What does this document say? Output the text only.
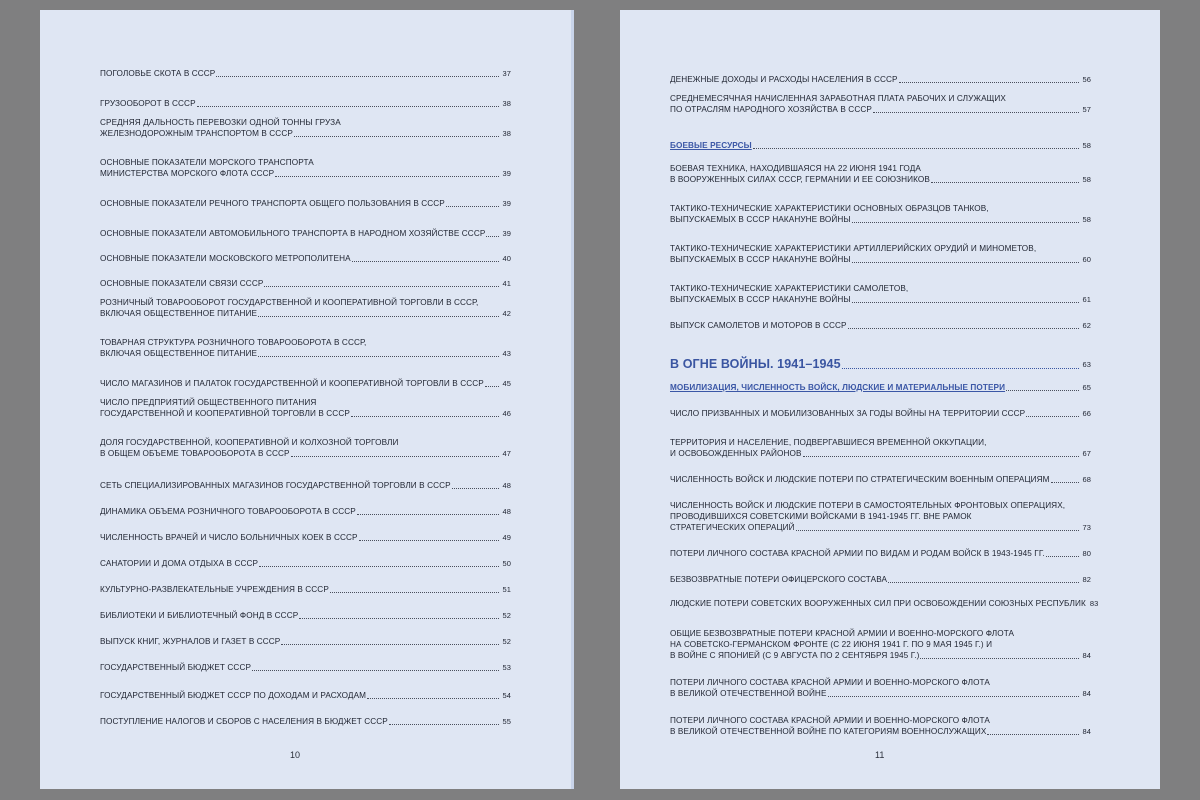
ПОГОЛОВЬЕ СКОТА В СССР	37
ГРУЗООБОРОТ В СССР	38
СРЕДНЯЯ ДАЛЬНОСТЬ ПЕРЕВОЗКИ ОДНОЙ ТОННЫ ГРУЗА
ЖЕЛЕЗНОДОРОЖНЫМ ТРАНСПОРТОМ В СССР	38
ОСНОВНЫЕ ПОКАЗАТЕЛИ МОРСКОГО ТРАНСПОРТА
МИНИСТЕРСТВА МОРСКОГО ФЛОТА СССР	39
ОСНОВНЫЕ ПОКАЗАТЕЛИ РЕЧНОГО ТРАНСПОРТА ОБЩЕГО ПОЛЬЗОВАНИЯ В СССР	39
ОСНОВНЫЕ ПОКАЗАТЕЛИ АВТОМОБИЛЬНОГО ТРАНСПОРТА В НАРОДНОМ ХОЗЯЙСТВЕ СССР 39
ОСНОВНЫЕ ПОКАЗАТЕЛИ МОСКОВСКОГО МЕТРОПОЛИТЕНА	40
ОСНОВНЫЕ ПОКАЗАТЕЛИ СВЯЗИ СССР	41
РОЗНИЧНЫЙ ТОВАРООБОРОТ ГОСУДАРСТВЕННОЙ И КООПЕРАТИВНОЙ ТОРГОВЛИ В СССР,
ВКЛЮЧАЯ ОБЩЕСТВЕННОЕ ПИТАНИЕ	42
ТОВАРНАЯ СТРУКТУРА РОЗНИЧНОГО ТОВАРООБОРОТА В СССР,
ВКЛЮЧАЯ ОБЩЕСТВЕННОЕ ПИТАНИЕ	43
ЧИСЛО МАГАЗИНОВ И ПАЛАТОК ГОСУДАРСТВЕННОЙ И КООПЕРАТИВНОЙ ТОРГОВЛИ В СССР 45
ЧИСЛО ПРЕДПРИЯТИЙ ОБЩЕСТВЕННОГО ПИТАНИЯ
ГОСУДАРСТВЕННОЙ И КООПЕРАТИВНОЙ ТОРГОВЛИ В СССР	46
ДОЛЯ ГОСУДАРСТВЕННОЙ, КООПЕРАТИВНОЙ И КОЛХОЗНОЙ ТОРГОВЛИ
В ОБЩЕМ ОБЪЕМЕ ТОВАРООБОРОТА В СССР	47
СЕТЬ СПЕЦИАЛИЗИРОВАННЫХ МАГАЗИНОВ ГОСУДАРСТВЕННОЙ ТОРГОВЛИ В СССР	48
ДИНАМИКА ОБЪЕМА РОЗНИЧНОГО ТОВАРООБОРОТА В СССР	48
ЧИСЛЕННОСТЬ ВРАЧЕЙ И ЧИСЛО БОЛЬНИЧНЫХ КОЕК В СССР	49
САНАТОРИИ И ДОМА ОТДЫХА В СССР	50
КУЛЬТУРНО-РАЗВЛЕКАТЕЛЬНЫЕ УЧРЕЖДЕНИЯ В СССР	51
БИБЛИОТЕКИ И БИБЛИОТЕЧНЫЙ ФОНД В СССР	52
ВЫПУСК КНИГ, ЖУРНАЛОВ И ГАЗЕТ В СССР	52
ГОСУДАРСТВЕННЫЙ БЮДЖЕТ СССР	53
ГОСУДАРСТВЕННЫЙ БЮДЖЕТ СССР ПО ДОХОДАМ И РАСХОДАМ	54
ПОСТУПЛЕНИЕ НАЛОГОВ И СБОРОВ С НАСЕЛЕНИЯ В БЮДЖЕТ СССР	55
10
ДЕНЕЖНЫЕ ДОХОДЫ И РАСХОДЫ НАСЕЛЕНИЯ В СССР	56
СРЕДНЕМЕСЯЧНАЯ НАЧИСЛЕННАЯ ЗАРАБОТНАЯ ПЛАТА РАБОЧИХ И СЛУЖАЩИХ
ПО ОТРАСЛЯМ НАРОДНОГО ХОЗЯЙСТВА В СССР	57
БОЕВЫЕ РЕСУРСЫ	58
БОЕВАЯ ТЕХНИКА, НАХОДИВШАЯСЯ НА 22 ИЮНЯ 1941 ГОДА
В ВООРУЖЕННЫХ СИЛАХ СССР, ГЕРМАНИИ И ЕЕ СОЮЗНИКОВ	58
ТАКТИКО-ТЕХНИЧЕСКИЕ ХАРАКТЕРИСТИКИ ОСНОВНЫХ ОБРАЗЦОВ ТАНКОВ,
ВЫПУСКАЕМЫХ В СССР НАКАНУНЕ ВОЙНЫ	58
ТАКТИКО-ТЕХНИЧЕСКИЕ ХАРАКТЕРИСТИКИ АРТИЛЛЕРИЙСКИХ ОРУДИЙ И МИНОМЕТОВ,
ВЫПУСКАЕМЫХ В СССР НАКАНУНЕ ВОЙНЫ	60
ТАКТИКО-ТЕХНИЧЕСКИЕ ХАРАКТЕРИСТИКИ САМОЛЕТОВ,
ВЫПУСКАЕМЫХ В СССР НАКАНУНЕ ВОЙНЫ	61
ВЫПУСК САМОЛЕТОВ И МОТОРОВ В СССР	62
В ОГНЕ ВОЙНЫ. 1941–1945	63
МОБИЛИЗАЦИЯ, ЧИСЛЕННОСТЬ ВОЙСК, ЛЮДСКИЕ И МАТЕРИАЛЬНЫЕ ПОТЕРИ	65
ЧИСЛО ПРИЗВАННЫХ И МОБИЛИЗОВАННЫХ ЗА ГОДЫ ВОЙНЫ НА ТЕРРИТОРИИ СССР	66
ТЕРРИТОРИЯ И НАСЕЛЕНИЕ, ПОДВЕРГАВШИЕСЯ ВРЕМЕННОЙ ОККУПАЦИИ,
И ОСВОБОЖДЕННЫХ РАЙОНОВ	67
ЧИСЛЕННОСТЬ ВОЙСК И ЛЮДСКИЕ ПОТЕРИ ПО СТРАТЕГИЧЕСКИМ ВОЕННЫМ ОПЕРАЦИЯМ	68
ЧИСЛЕННОСТЬ ВОЙСК И ЛЮДСКИЕ ПОТЕРИ В САМОСТОЯТЕЛЬНЫХ ФРОНТОВЫХ ОПЕРАЦИЯХ,
ПРОВОДИВШИХСЯ СОВЕТСКИМИ ВОЙСКАМИ В 1941-1945 ГГ. ВНЕ РАМОК
СТРАТЕГИЧЕСКИХ ОПЕРАЦИЙ	73
ПОТЕРИ ЛИЧНОГО СОСТАВА КРАСНОЙ АРМИИ ПО ВИДАМ И РОДАМ ВОЙСК В 1943-1945 ГГ.	80
БЕЗВОЗВРАТНЫЕ ПОТЕРИ ОФИЦЕРСКОГО СОСТАВА	82
ЛЮДСКИЕ ПОТЕРИ СОВЕТСКИХ ВООРУЖЕННЫХ СИЛ ПРИ ОСВОБОЖДЕНИИ СОЮЗНЫХ РЕСПУБЛИК 83
ОБЩИЕ БЕЗВОЗВРАТНЫЕ ПОТЕРИ КРАСНОЙ АРМИИ И ВОЕННО-МОРСКОГО ФЛОТА
НА СОВЕТСКО-ГЕРМАНСКОМ ФРОНТЕ (С 22 ИЮНЯ 1941 Г. ПО 9 МАЯ 1945 Г.) И
В ВОЙНЕ С ЯПОНИЕЙ (С 9 АВГУСТА ПО 2 СЕНТЯБРЯ 1945 Г.)	84
ПОТЕРИ ЛИЧНОГО СОСТАВА КРАСНОЙ АРМИИ И ВОЕННО-МОРСКОГО ФЛОТА
В ВЕЛИКОЙ ОТЕЧЕСТВЕННОЙ ВОЙНЕ	84
ПОТЕРИ ЛИЧНОГО СОСТАВА КРАСНОЙ АРМИИ И ВОЕННО-МОРСКОГО ФЛОТА
В ВЕЛИКОЙ ОТЕЧЕСТВЕННОЙ ВОЙНЕ ПО КАТЕГОРИЯМ ВОЕННОСЛУЖАЩИХ	84
11
